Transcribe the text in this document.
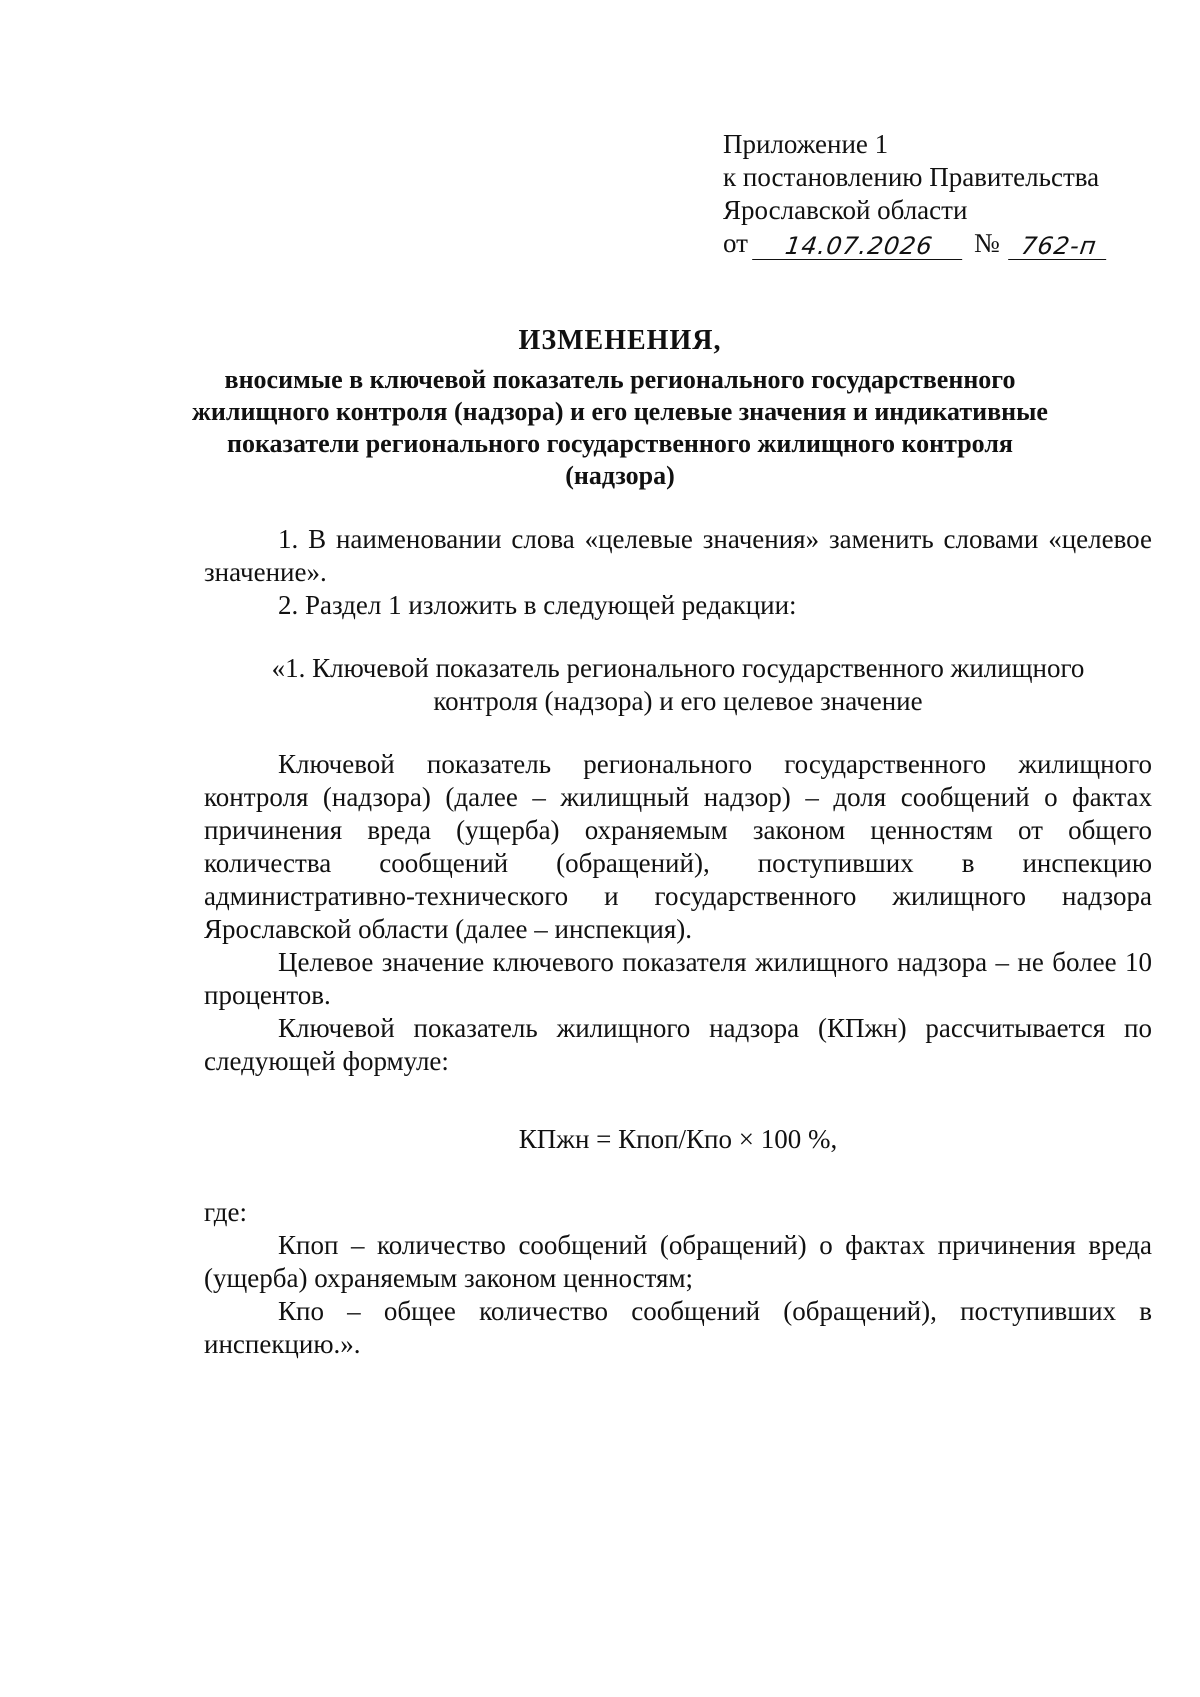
Приложение 1
к постановлению Правительства
Ярославской области
от	14.07.2026	№ 762-п
ИЗМЕНЕНИЯ,
вносимые в ключевой показатель регионального государственного жилищного контроля (надзора) и его целевые значения и индикативные показатели регионального государственного жилищного контроля (надзора)

1. В наименовании слова «целевые значения» заменить словами «целевое значение».

2. Раздел 1 изложить в следующей редакции:

«1. Ключевой показатель регионального государственного жилищного контроля (надзора) и его целевое значение

Ключевой показатель регионального государственного жилищного контроля (надзора) (далее – жилищный надзор) – доля сообщений о фактах причинения вреда (ущерба) охраняемым законом ценностям от общего количества сообщений (обращений), поступивших в инспекцию административно-технического и государственного жилищного надзора Ярославской области (далее – инспекция).

Целевое значение ключевого показателя жилищного надзора – не более 10 процентов.

Ключевой показатель жилищного надзора (КПжн) рассчитывается по следующей формуле:

КПжн = Кпоп/Кпо × 100 %,

где:

Кпоп – количество сообщений (обращений) о фактах причинения вреда (ущерба) охраняемым законом ценностям;

Кпо – общее количество сообщений (обращений), поступивших в инспекцию.».
